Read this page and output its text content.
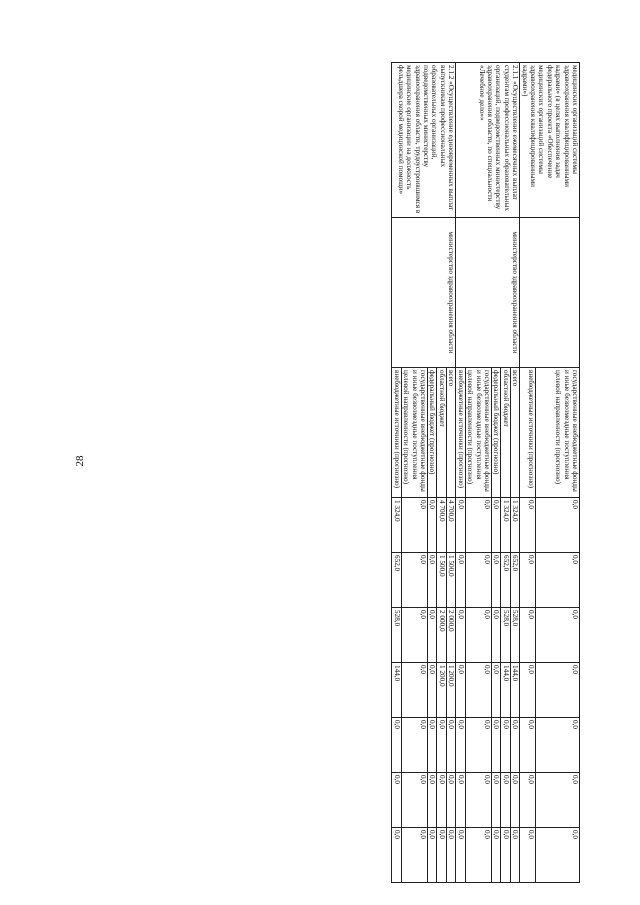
28
медицинских организаций системы здравоохранения квалифицированными кадрами» (в целях выполнения задач федерального проекта «Обеспечение медицинских организаций системы здравоохранения квалифицированными кадрами»)		государственные внебюджетные фонды и иные безвозмездные поступления целевой направленности (прогнозно)	0,0	0,0	0,0	0,0	0,0	0,0	0,0
		внебюджетные источники (прогнозно)	0,0	0,0	0,0	0,0	0,0	0,0	0,0
2.1.1 «Осуществление ежемесячных выплат студентам профессиональных образовательных организаций, подведомственных министерству здравоохранения области, по специальности «Лечебное дело»»	министерство здравоохранения области	всего	1 324,0	652,0	528,0	144,0	0,0	0,0	0,0
		областной бюджет	1 324,0	652,0	528,0	144,0	0,0	0,0	0,0
		федеральный бюджет (прогнозно)	0,0	0,0	0,0	0,0	0,0	0,0	0,0
		государственные внебюджетные фонды и иные безвозмездные поступления целевой направленности (прогнозно)	0,0	0,0	0,0	0,0	0,0	0,0	0,0
		внебюджетные источники (прогнозно)	0,0	0,0	0,0	0,0	0,0	0,0	0,0
2.1.2 «Осуществление единовременных выплат выпускникам профессиональных образовательных организаций, подведомственных министерству здравоохранения области, трудоустроившимся в медицинские организации на должность фельдшера скорой медицинской помощи»	министерство здравоохранения области	всего	4 700,0	1 500,0	2 000,0	1 200,0	0,0	0,0	0,0
		областной бюджет	4 700,0	1 500,0	2 000,0	1 200,0	0,0	0,0	0,0
		федеральный бюджет (прогнозно)	0,0	0,0	0,0	0,0	0,0	0,0	0,0
		государственные внебюджетные фонды и иные безвозмездные поступления целевой направленности (прогнозно)	0,0	0,0	0,0	0,0	0,0	0,0	0,0
		внебюджетные источники (прогнозно)	1 324,0	652,0	528,0	144,0	0,0	0,0	0,0
